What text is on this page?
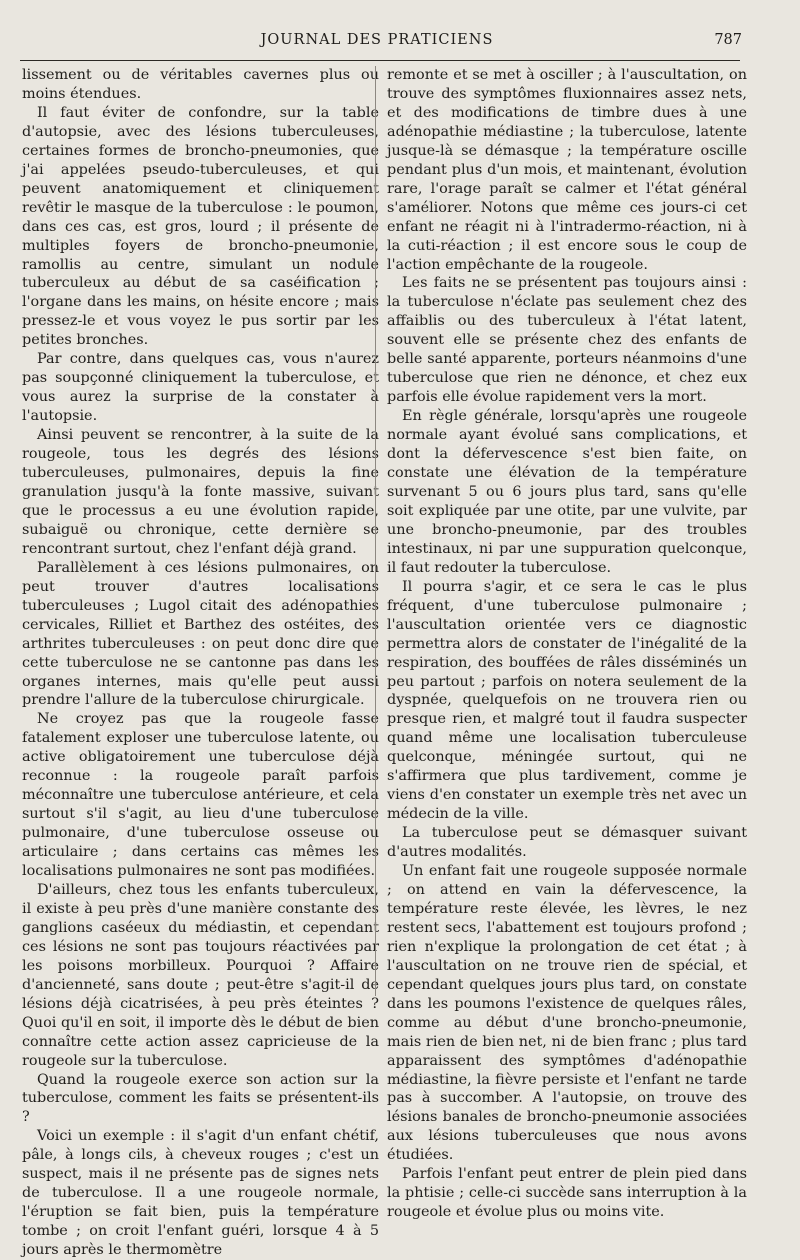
JOURNAL DES PRATICIENS	787

lissement ou de véritables cavernes plus ou moins étendues.

Il faut éviter de confondre, sur la table d'autopsie, avec des lésions tuberculeuses, certaines formes de broncho-pneumonies, que j'ai appelées pseudo-tuberculeuses, et qui peuvent anatomiquement et cliniquement revêtir le masque de la tuberculose : le poumon, dans ces cas, est gros, lourd ; il présente de multiples foyers de broncho-pneumonie, ramollis au centre, simulant un nodule tuberculeux au début de sa caséification ; l'organe dans les mains, on hésite encore ; mais pressez-le et vous voyez le pus sortir par les petites bronches.

Par contre, dans quelques cas, vous n'aurez pas soupçonné cliniquement la tuberculose, et vous aurez la surprise de la constater à l'autopsie.

Ainsi peuvent se rencontrer, à la suite de la rougeole, tous les degrés des lésions tuberculeuses, pulmonaires, depuis la fine granulation jusqu'à la fonte massive, suivant que le processus a eu une évolution rapide, subaiguë ou chronique, cette dernière se rencontrant surtout, chez l'enfant déjà grand.

Parallèlement à ces lésions pulmonaires, on peut trouver d'autres localisations tuberculeuses ; Lugol citait des adénopathies cervicales, Rilliet et Barthez des ostéites, des arthrites tuberculeuses : on peut donc dire que cette tuberculose ne se cantonne pas dans les organes internes, mais qu'elle peut aussi prendre l'allure de la tuberculose chirurgicale.

Ne croyez pas que la rougeole fasse fatalement exploser une tuberculose latente, ou active obligatoirement une tuberculose déjà reconnue : la rougeole paraît parfois méconnaître une tuberculose antérieure, et cela surtout s'il s'agit, au lieu d'une tuberculose pulmonaire, d'une tuberculose osseuse ou articulaire ; dans certains cas mêmes les localisations pulmonaires ne sont pas modifiées.

D'ailleurs, chez tous les enfants tuberculeux, il existe à peu près d'une manière constante des ganglions caséeux du médiastin, et cependant ces lésions ne sont pas toujours réactivées par les poisons morbilleux. Pourquoi ? Affaire d'ancienneté, sans doute ; peut-être s'agit-il de lésions déjà cicatrisées, à peu près éteintes ? Quoi qu'il en soit, il importe dès le début de bien connaître cette action assez capricieuse de la rougeole sur la tuberculose.

Quand la rougeole exerce son action sur la tuberculose, comment les faits se présentent-ils ?

Voici un exemple : il s'agit d'un enfant chétif, pâle, à longs cils, à cheveux rouges ; c'est un suspect, mais il ne présente pas de signes nets de tuberculose. Il a une rougeole normale, l'éruption se fait bien, puis la température tombe ; on croit l'enfant guéri, lorsque 4 à 5 jours après le thermomètre

remonte et se met à osciller ; à l'auscultation, on trouve des symptômes fluxionnaires assez nets, et des modifications de timbre dues à une adénopathie médiastine ; la tuberculose, latente jusque-là se démasque ; la température oscille pendant plus d'un mois, et maintenant, évolution rare, l'orage paraît se calmer et l'état général s'améliorer. Notons que même ces jours-ci cet enfant ne réagit ni à l'intradermo-réaction, ni à la cuti-réaction ; il est encore sous le coup de l'action empêchante de la rougeole.

Les faits ne se présentent pas toujours ainsi : la tuberculose n'éclate pas seulement chez des affaiblis ou des tuberculeux à l'état latent, souvent elle se présente chez des enfants de belle santé apparente, porteurs néanmoins d'une tuberculose que rien ne dénonce, et chez eux parfois elle évolue rapidement vers la mort.

En règle générale, lorsqu'après une rougeole normale ayant évolué sans complications, et dont la défervescence s'est bien faite, on constate une élévation de la température survenant 5 ou 6 jours plus tard, sans qu'elle soit expliquée par une otite, par une vulvite, par une broncho-pneumonie, par des troubles intestinaux, ni par une suppuration quelconque, il faut redouter la tuberculose.

Il pourra s'agir, et ce sera le cas le plus fréquent, d'une tuberculose pulmonaire ; l'auscultation orientée vers ce diagnostic permettra alors de constater de l'inégalité de la respiration, des bouffées de râles disséminés un peu partout ; parfois on notera seulement de la dyspnée, quelquefois on ne trouvera rien ou presque rien, et malgré tout il faudra suspecter quand même une localisation tuberculeuse quelconque, méningée surtout, qui ne s'affirmera que plus tardivement, comme je viens d'en constater un exemple très net avec un médecin de la ville.

La tuberculose peut se démasquer suivant d'autres modalités.

Un enfant fait une rougeole supposée normale ; on attend en vain la défervescence, la température reste élevée, les lèvres, le nez restent secs, l'abattement est toujours profond ; rien n'explique la prolongation de cet état ; à l'auscultation on ne trouve rien de spécial, et cependant quelques jours plus tard, on constate dans les poumons l'existence de quelques râles, comme au début d'une broncho-pneumonie, mais rien de bien net, ni de bien franc ; plus tard apparaissent des symptômes d'adénopathie médiastine, la fièvre persiste et l'enfant ne tarde pas à succomber. A l'autopsie, on trouve des lésions banales de broncho-pneumonie associées aux lésions tuberculeuses que nous avons étudiées.

Parfois l'enfant peut entrer de plein pied dans la phtisie ; celle-ci succède sans interruption à la rougeole et évolue plus ou moins vite.
